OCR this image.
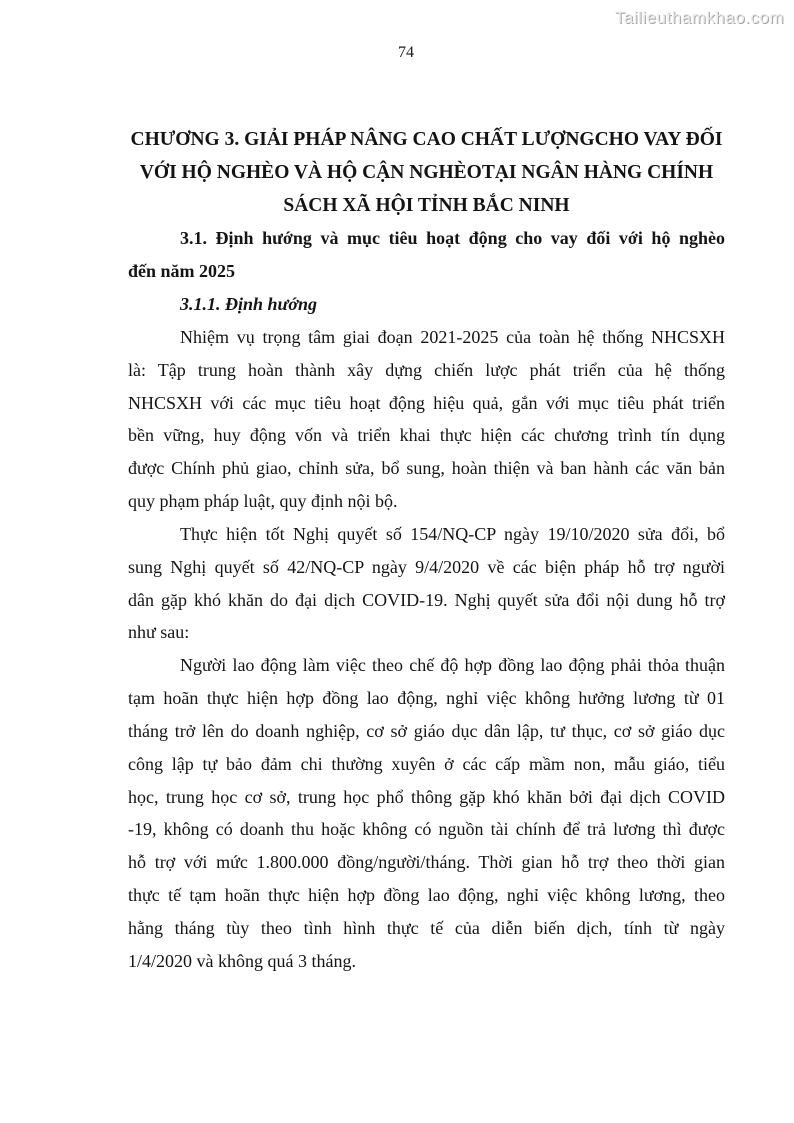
Tailieuthamkhao.com
74
CHƯƠNG 3. GIẢI PHÁP NÂNG CAO CHẤT LƯỢNGCHO VAY ĐỐI
VỚI HỘ NGHÈO VÀ HỘ CẬN NGHÈOTẠI NGÂN HÀNG CHÍNH
SÁCH XÃ HỘI TỈNH BẮC NINH
3.1. Định hướng và mục tiêu hoạt động cho vay đối với hộ nghèo
đến năm 2025
3.1.1. Định hướng
Nhiệm vụ trọng tâm giai đoạn 2021-2025 của toàn hệ thống NHCSXH
là: Tập trung hoàn thành xây dựng chiến lược phát triển của hệ thống
NHCSXH với các mục tiêu hoạt động hiệu quả, gắn với mục tiêu phát triển
bền vững, huy động vốn và triển khai thực hiện các chương trình tín dụng
được Chính phủ giao, chỉnh sửa, bổ sung, hoàn thiện và ban hành các văn bản
quy phạm pháp luật, quy định nội bộ.
Thực hiện tốt Nghị quyết số 154/NQ-CP ngày 19/10/2020 sửa đổi, bổ
sung Nghị quyết số 42/NQ-CP ngày 9/4/2020 về các biện pháp hỗ trợ người
dân gặp khó khăn do đại dịch COVID-19. Nghị quyết sửa đổi nội dung hỗ trợ
như sau:
Người lao động làm việc theo chế độ hợp đồng lao động phải thỏa thuận
tạm hoãn thực hiện hợp đồng lao động, nghỉ việc không hưởng lương từ 01
tháng trở lên do doanh nghiệp, cơ sở giáo dục dân lập, tư thục, cơ sở giáo dục
công lập tự bảo đảm chi thường xuyên ở các cấp mầm non, mẫu giáo, tiểu
học, trung học cơ sở, trung học phổ thông gặp khó khăn bởi đại dịch COVID
-19, không có doanh thu hoặc không có nguồn tài chính để trả lương thì được
hỗ trợ với mức 1.800.000 đồng/người/tháng. Thời gian hỗ trợ theo thời gian
thực tế tạm hoãn thực hiện hợp đồng lao động, nghỉ việc không lương, theo
hằng tháng tùy theo tình hình thực tế của diễn biến dịch, tính từ ngày
1/4/2020 và không quá 3 tháng.
